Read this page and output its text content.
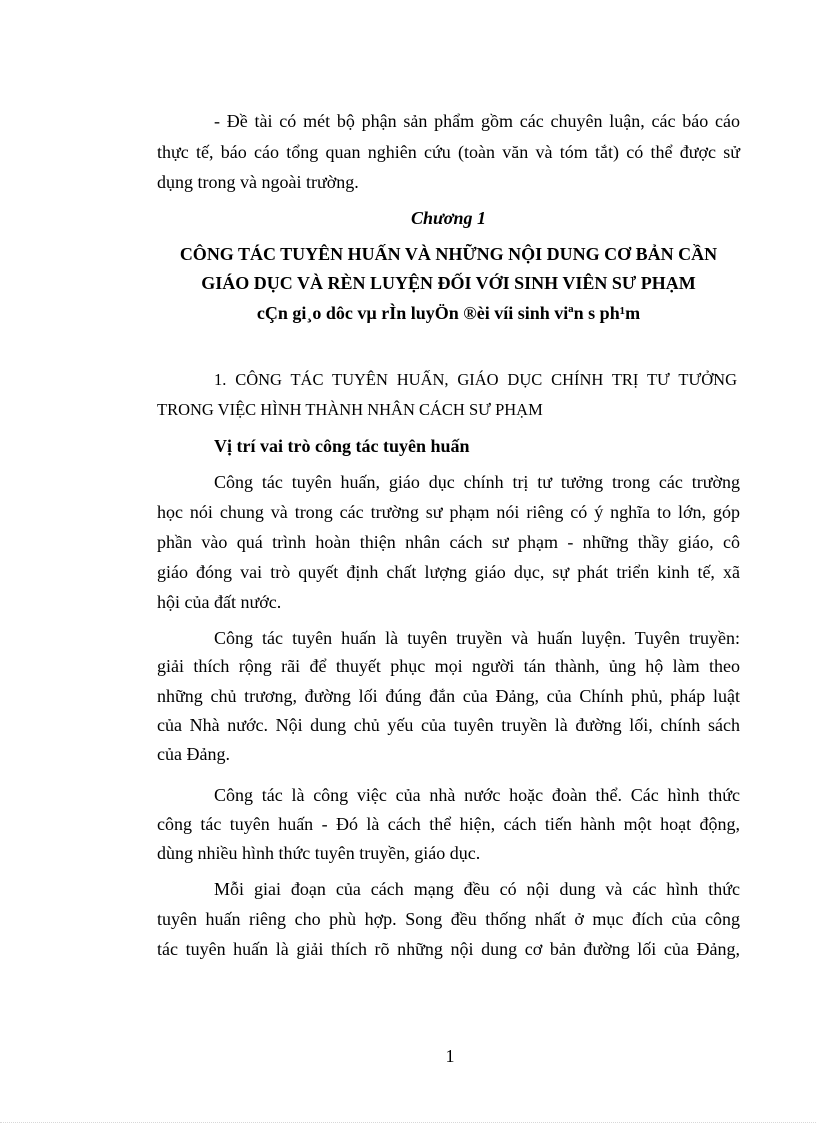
- Đề tài có mét bộ phận sản phẩm gồm các chuyên luận, các báo cáo
thực tế, báo cáo tổng quan nghiên cứu (toàn văn và tóm tắt) có thể được sử
dụng trong và ngoài trường.
Chương 1
CÔNG TÁC TUYÊN HUẤN VÀ NHỮNG NỘI DUNG CƠ BẢN CẦN
GIÁO DỤC VÀ RÈN LUYỆN ĐỐI VỚI SINH VIÊN SƯ PHẠM
cÇn gi¸o dôc vµ rÌn luyÖn ®èi víi sinh viªn s ph¹m
1. CÔNG TÁC TUYÊN HUẤN, GIÁO DỤC CHÍNH TRỊ TƯ TƯỞNG
TRONG VIỆC HÌNH THÀNH NHÂN CÁCH SƯ PHẠM
Vị trí vai trò công tác tuyên huấn
Công tác tuyên huấn, giáo dục chính trị tư tưởng trong các trường
học nói chung và trong các trường sư phạm nói riêng có ý nghĩa to lớn, góp
phần vào quá trình hoàn thiện nhân cách sư phạm - những thầy giáo, cô
giáo đóng vai trò quyết định chất lượng giáo dục, sự phát triển kinh tế, xã
hội của đất nước.
Công tác tuyên huấn là tuyên truyền và huấn luyện. Tuyên truyền:
giải thích rộng rãi để thuyết phục mọi người tán thành, ủng hộ làm theo
những chủ trương, đường lối đúng đắn của Đảng, của Chính phủ, pháp luật
của Nhà nước. Nội dung chủ yếu của tuyên truyền là đường lối, chính sách
của Đảng.
Công tác là công việc của nhà nước hoặc đoàn thể. Các hình thức
công tác tuyên huấn - Đó là cách thể hiện, cách tiến hành một hoạt động,
dùng nhiều hình thức tuyên truyền, giáo dục.
Mỗi giai đoạn của cách mạng đều có nội dung và các hình thức
tuyên huấn riêng cho phù hợp. Song đều thống nhất ở mục đích của công
tác tuyên huấn là giải thích rõ những nội dung cơ bản đường lối của Đảng,
1
